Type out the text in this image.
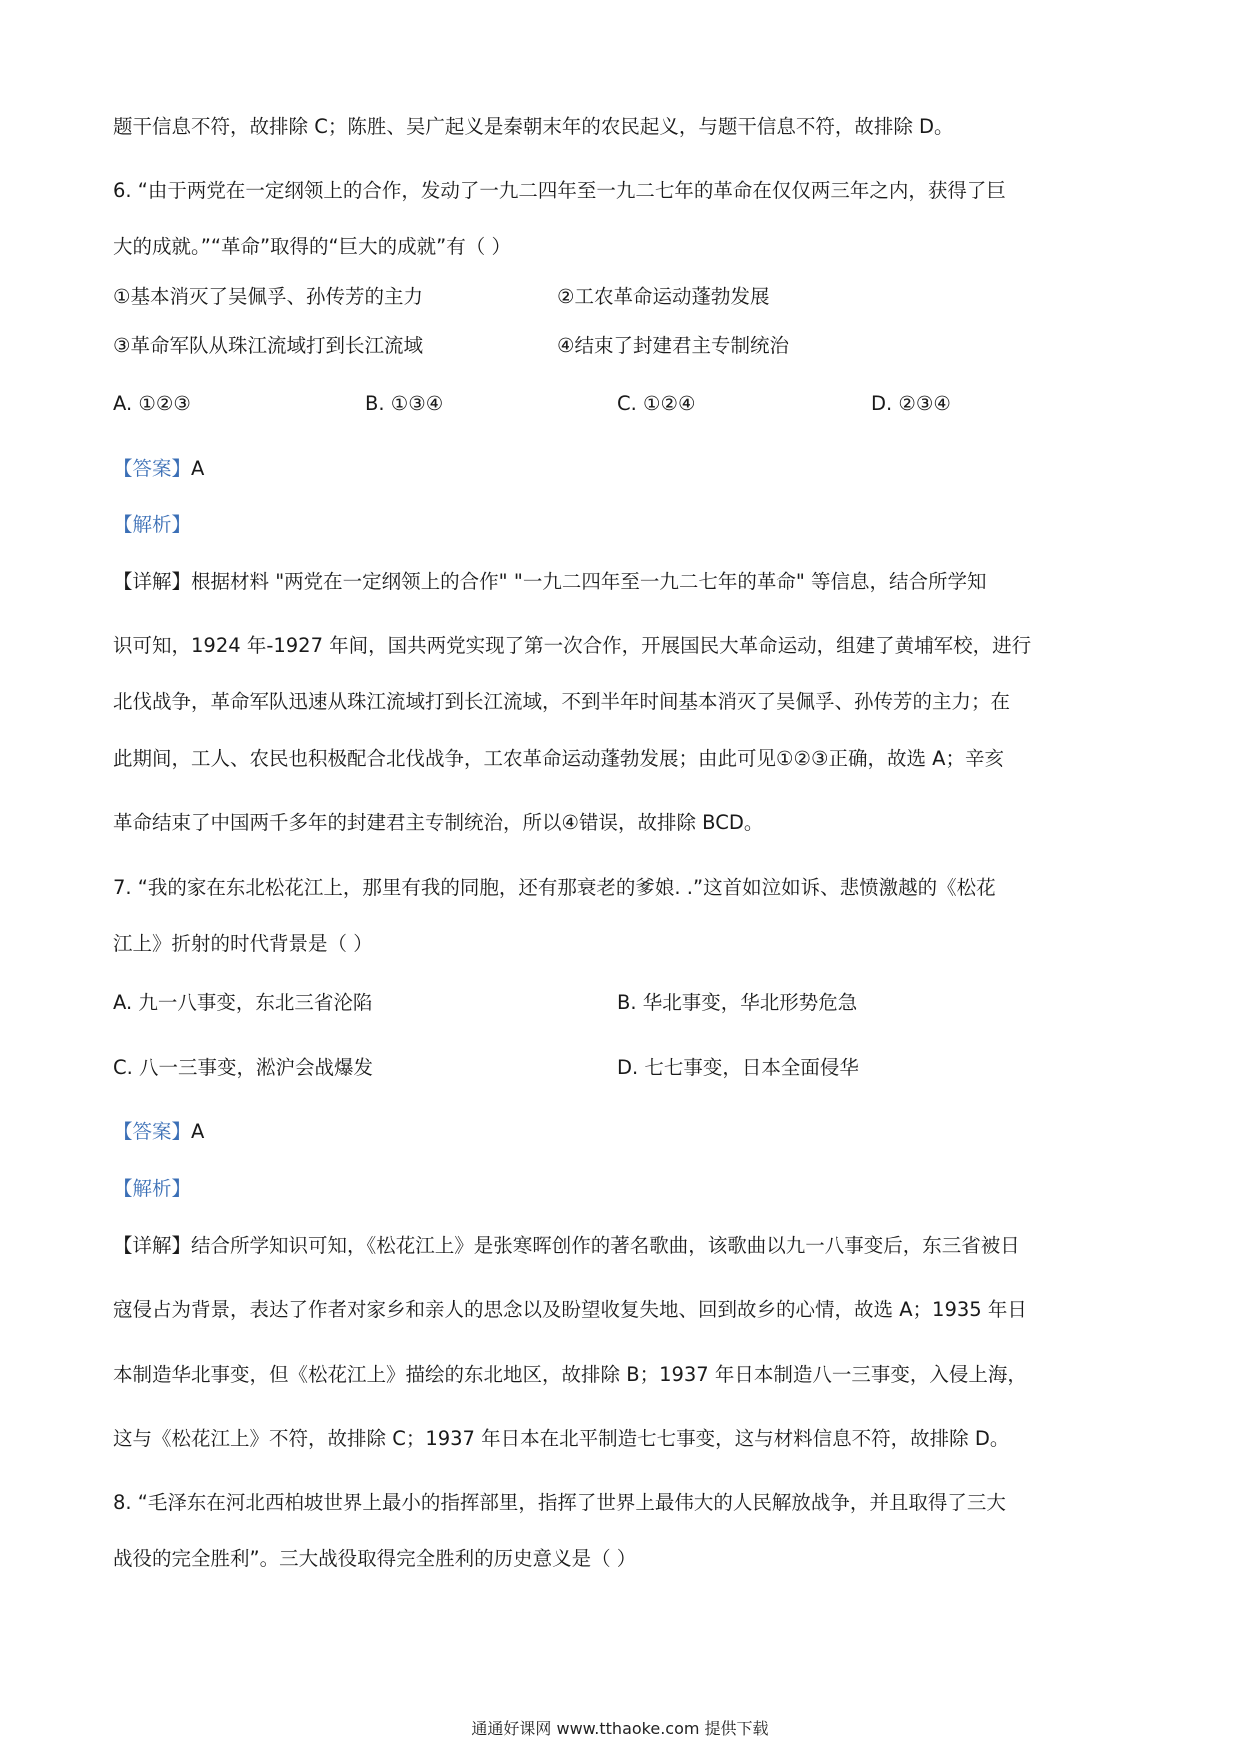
题干信息不符，故排除 C；陈胜、吴广起义是秦朝末年的农民起义，与题干信息不符，故排除 D。
6. “由于两党在一定纲领上的合作，发动了一九二四年至一九二七年的革命在仅仅两三年之内，获得了巨
大的成就。”“革命”取得的“巨大的成就”有（ ）
①基本消灭了吴佩孚、孙传芳的主力	②工农革命运动蓬勃发展
③革命军队从珠江流域打到长江流域	④结束了封建君主专制统治
A. ①②③	B. ①③④	C. ①②④	D. ②③④
【答案】A
【解析】
【详解】根据材料 "两党在一定纲领上的合作" "一九二四年至一九二七年的革命" 等信息，结合所学知
识可知，1924 年-1927 年间，国共两党实现了第一次合作，开展国民大革命运动，组建了黄埔军校，进行
北伐战争，革命军队迅速从珠江流域打到长江流域，不到半年时间基本消灭了吴佩孚、孙传芳的主力；在
此期间，工人、农民也积极配合北伐战争，工农革命运动蓬勃发展；由此可见①②③正确，故选 A；辛亥
革命结束了中国两千多年的封建君主专制统治，所以④错误，故排除 BCD。
7. “我的家在东北松花江上，那里有我的同胞，还有那衰老的爹娘. .”这首如泣如诉、悲愤激越的《松花
江上》折射的时代背景是（ ）
A. 九一八事变，东北三省沦陷	B. 华北事变，华北形势危急
C. 八一三事变，淞沪会战爆发	D. 七七事变，日本全面侵华
【答案】A
【解析】
【详解】结合所学知识可知，《松花江上》是张寒晖创作的著名歌曲，该歌曲以九一八事变后，东三省被日
寇侵占为背景，表达了作者对家乡和亲人的思念以及盼望收复失地、回到故乡的心情，故选 A；1935 年日
本制造华北事变，但《松花江上》描绘的东北地区，故排除 B；1937 年日本制造八一三事变，入侵上海，
这与《松花江上》不符，故排除 C；1937 年日本在北平制造七七事变，这与材料信息不符，故排除 D。
8. “毛泽东在河北西柏坡世界上最小的指挥部里，指挥了世界上最伟大的人民解放战争，并且取得了三大
战役的完全胜利”。三大战役取得完全胜利的历史意义是（ ）
通通好课网 www.tthaoke.com 提供下载
